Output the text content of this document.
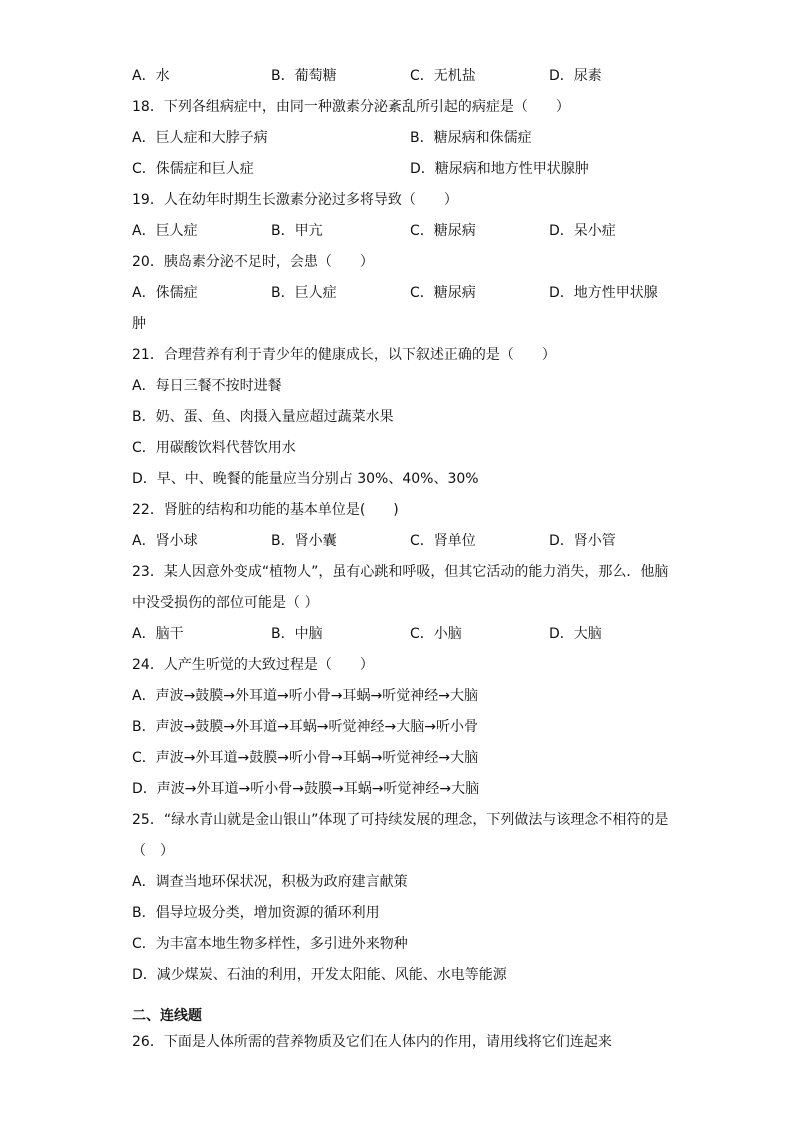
A．水	B．葡萄糖	C．无机盐	D．尿素
18．下列各组病症中，由同一种激素分泌紊乱所引起的病症是（　　）
A．巨人症和大脖子病	B．糖尿病和侏儒症
C．侏儒症和巨人症	D．糖尿病和地方性甲状腺肿
19．人在幼年时期生长激素分泌过多将导致（　　）
A．巨人症	B．甲亢	C．糖尿病	D．呆小症
20．胰岛素分泌不足时，会患（　　）
A．侏儒症	B．巨人症	C．糖尿病	D．地方性甲状腺
肿
21．合理营养有利于青少年的健康成长，以下叙述正确的是（　　）
A．每日三餐不按时进餐
B．奶、蛋、鱼、肉摄入量应超过蔬菜水果
C．用碳酸饮料代替饮用水
D．早、中、晚餐的能量应当分别占 30%、40%、30%
22．肾脏的结构和功能的基本单位是(　　)
A．肾小球	B．肾小囊	C．肾单位	D．肾小管
23．某人因意外变成“植物人”，虽有心跳和呼吸，但其它活动的能力消失，那么．他脑
中没受损伤的部位可能是（ ）
A．脑干	B．中脑	C．小脑	D．大脑
24．人产生听觉的大致过程是（　　）
A．声波→鼓膜→外耳道→听小骨→耳蜗→听觉神经→大脑
B．声波→鼓膜→外耳道→耳蜗→听觉神经→大脑→听小骨
C．声波→外耳道→鼓膜→听小骨→耳蜗→听觉神经→大脑
D．声波→外耳道→听小骨→鼓膜→耳蜗→听觉神经→大脑
25．“绿水青山就是金山银山”体现了可持续发展的理念，下列做法与该理念不相符的是
（　）
A．调查当地环保状况，积极为政府建言献策
B．倡导垃圾分类，增加资源的循环利用
C．为丰富本地生物多样性，多引进外来物种
D．减少煤炭、石油的利用，开发太阳能、风能、水电等能源
二、连线题
26．下面是人体所需的营养物质及它们在人体内的作用，请用线将它们连起来
